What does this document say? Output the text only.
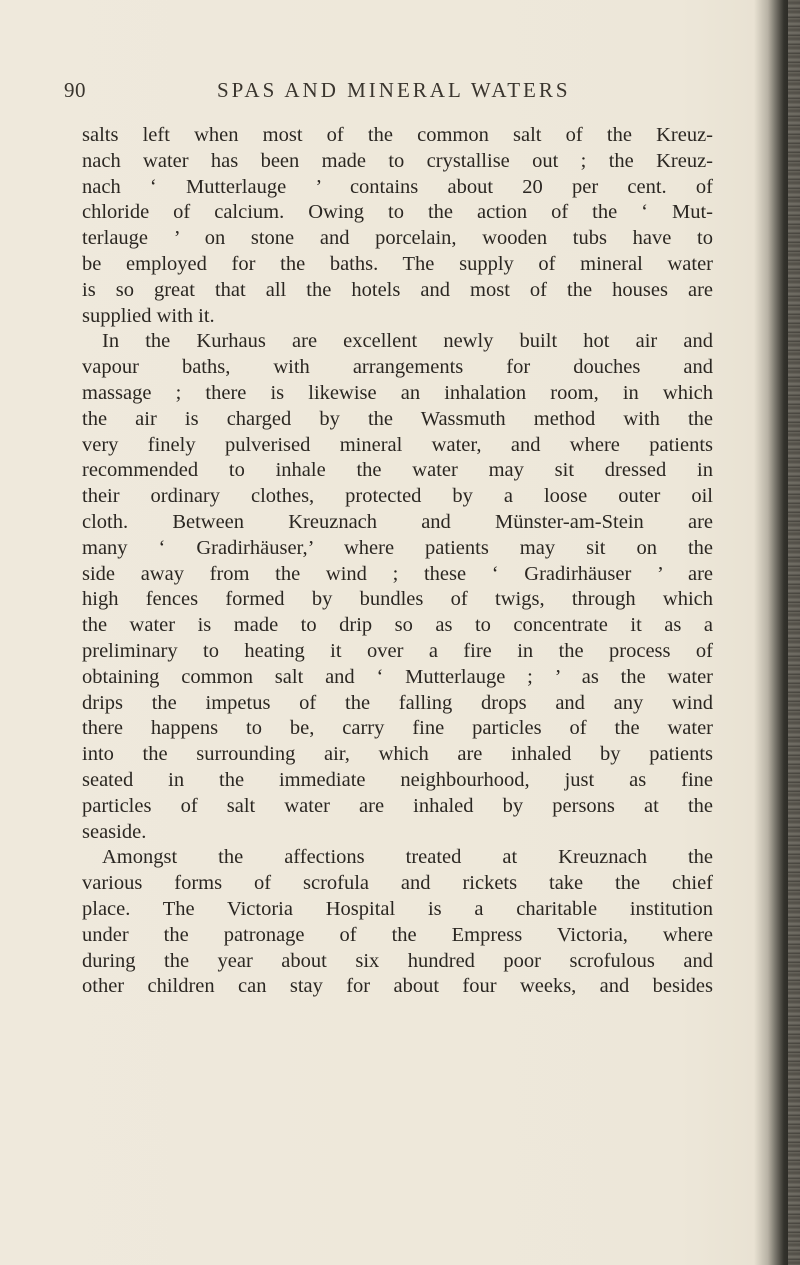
90	SPAS AND MINERAL WATERS
salts left when most of the common salt of the Kreuz-
nach water has been made to crystallise out ; the Kreuz-
nach ‘ Mutterlauge ’ contains about 20 per cent. of
chloride of calcium. Owing to the action of the ‘ Mut-
terlauge ’ on stone and porcelain, wooden tubs have to
be employed for the baths. The supply of mineral water
is so great that all the hotels and most of the houses are
supplied with it.
In the Kurhaus are excellent newly built hot air and
vapour baths, with arrangements for douches and
massage ; there is likewise an inhalation room, in which
the air is charged by the Wassmuth method with the
very finely pulverised mineral water, and where patients
recommended to inhale the water may sit dressed in
their ordinary clothes, protected by a loose outer oil
cloth. Between Kreuznach and Münster-am-Stein are
many ‘ Gradirhäuser,’ where patients may sit on the
side away from the wind ; these ‘ Gradirhäuser ’ are
high fences formed by bundles of twigs, through which
the water is made to drip so as to concentrate it as a
preliminary to heating it over a fire in the process of
obtaining common salt and ‘ Mutterlauge ; ’ as the water
drips the impetus of the falling drops and any wind
there happens to be, carry fine particles of the water
into the surrounding air, which are inhaled by patients
seated in the immediate neighbourhood, just as fine
particles of salt water are inhaled by persons at the
seaside.
Amongst the affections treated at Kreuznach the
various forms of scrofula and rickets take the chief
place. The Victoria Hospital is a charitable institution
under the patronage of the Empress Victoria, where
during the year about six hundred poor scrofulous and
other children can stay for about four weeks, and besides
